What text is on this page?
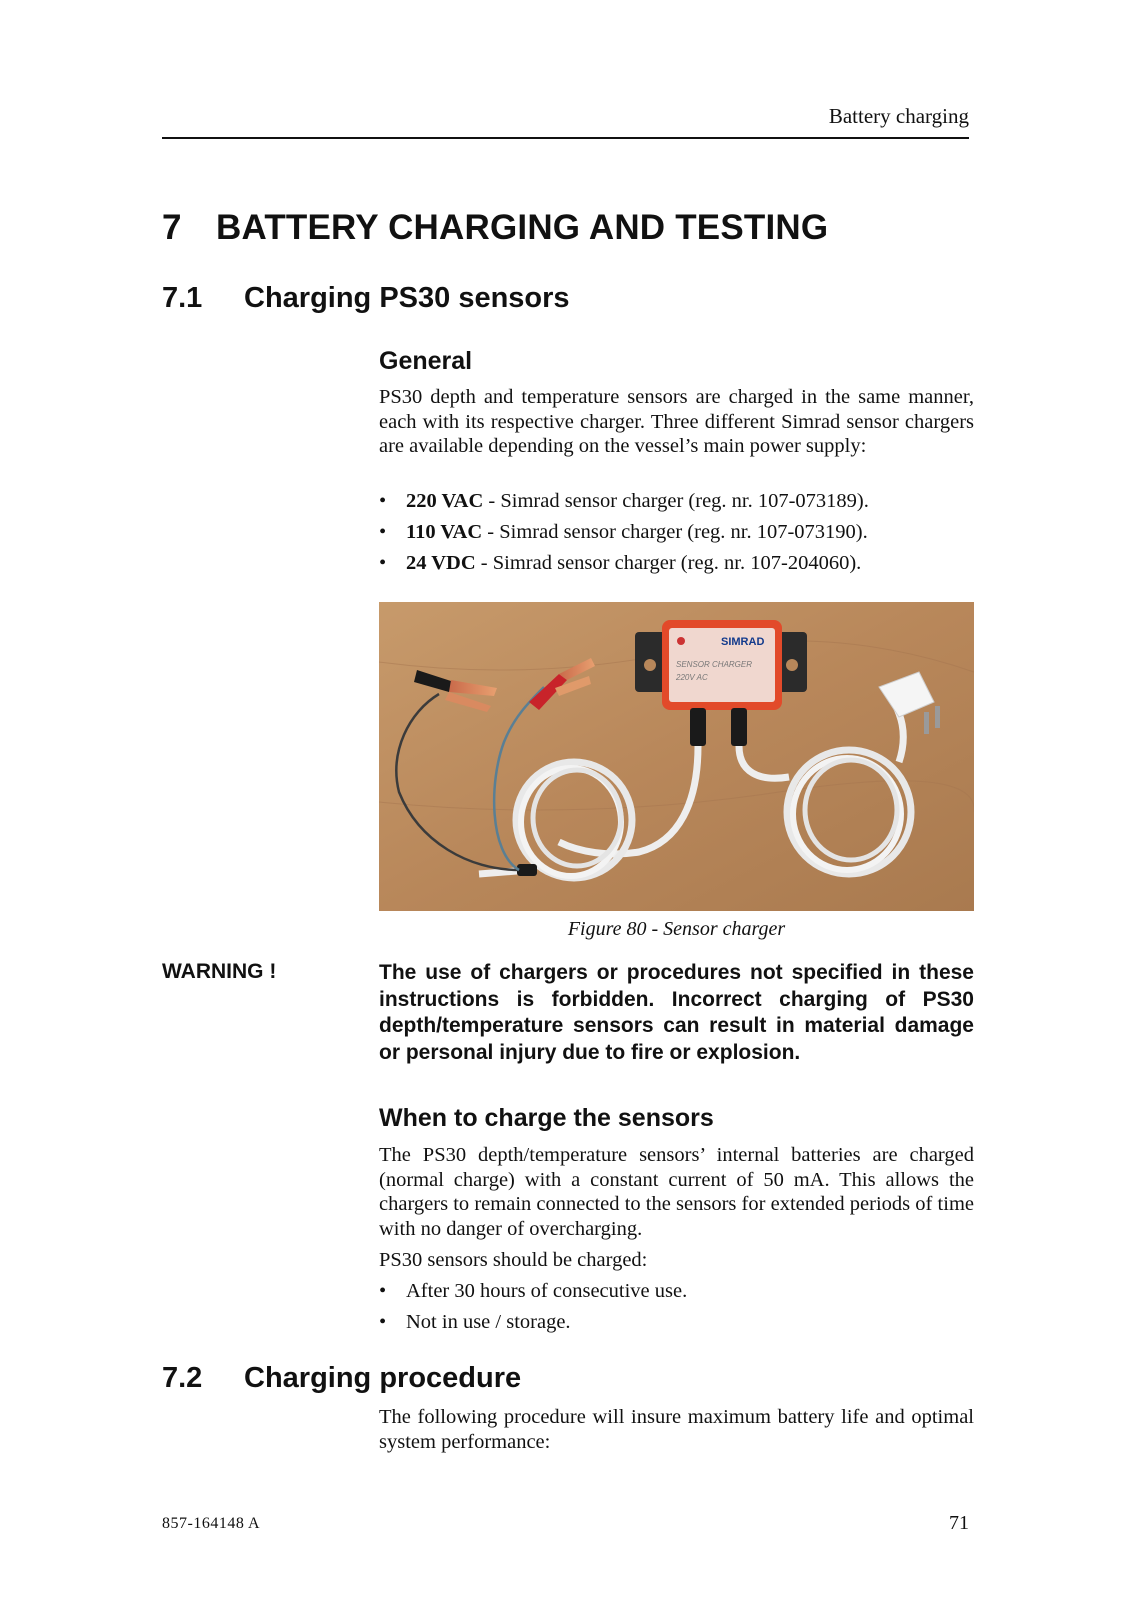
Battery charging
7 BATTERY CHARGING AND TESTING
7.1 Charging PS30 sensors
General

PS30 depth and temperature sensors are charged in the same manner, each with its respective charger. Three different Simrad sensor chargers are available depending on the vessel’s main power supply:

• 220 VAC - Simrad sensor charger (reg. nr. 107-073189).
• 110 VAC - Simrad sensor charger (reg. nr. 107-073190).
• 24 VDC - Simrad sensor charger (reg. nr. 107-204060).
SIMRAD
SENSOR CHARGER
220V AC
Figure 80 - Sensor charger
WARNING !	The use of chargers or procedures not specified in these instructions is forbidden. Incorrect charging of PS30 depth/temperature sensors can result in material damage or personal injury due to fire or explosion.
When to charge the sensors

The PS30 depth/temperature sensors’ internal batteries are charged (normal charge) with a constant current of 50 mA. This allows the chargers to remain connected to the sensors for extended periods of time with no danger of overcharging.

PS30 sensors should be charged:

• After 30 hours of consecutive use.
• Not in use / storage.
7.2 Charging procedure

The following procedure will insure maximum battery life and optimal system performance:

857-164148 A	71
